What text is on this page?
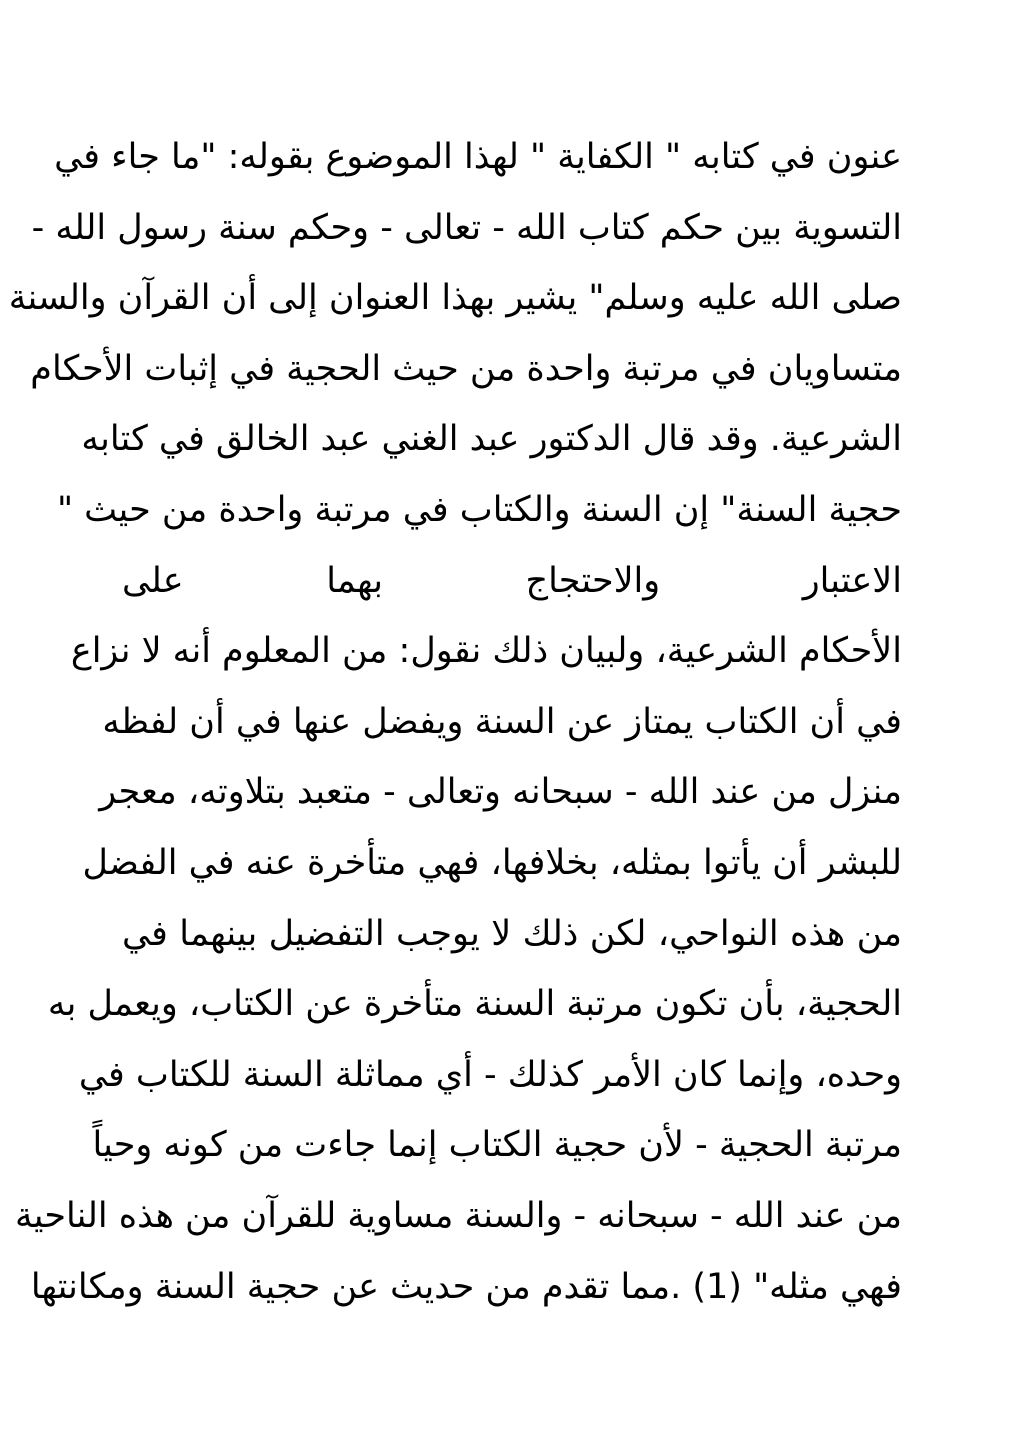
عنون في كتابه " الكفاية " لهذا الموضوع بقوله: "ما جاء في
التسوية بين حكم كتاب الله - تعالى - وحكم سنة رسول الله -
صلى الله عليه وسلم" يشير بهذا العنوان إلى أن القرآن والسنة
متساويان في مرتبة واحدة من حيث الحجية في إثبات الأحكام
الشرعية. وقد قال الدكتور عبد الغني عبد الخالق في كتابه
حجية السنة" إن السنة والكتاب في مرتبة واحدة من حيث "
الاعتبار والاحتجاج بهما على
الأحكام الشرعية، ولبيان ذلك نقول: من المعلوم أنه لا نزاع
في أن الكتاب يمتاز عن السنة ويفضل عنها في أن لفظه
منزل من عند الله - سبحانه وتعالى - متعبد بتلاوته، معجر
للبشر أن يأتوا بمثله، بخلافها، فهي متأخرة عنه في الفضل
من هذه النواحي، لكن ذلك لا يوجب التفضيل بينهما في
الحجية، بأن تكون مرتبة السنة متأخرة عن الكتاب، ويعمل به
وحده، وإنما كان الأمر كذلك - أي مماثلة السنة للكتاب في
مرتبة الحجية - لأن حجية الكتاب إنما جاءت من كونه وحياً
من عند الله - سبحانه - والسنة مساوية للقرآن من هذه الناحية
فهي مثله" (1) .مما تقدم من حديث عن حجية السنة ومكانتها
